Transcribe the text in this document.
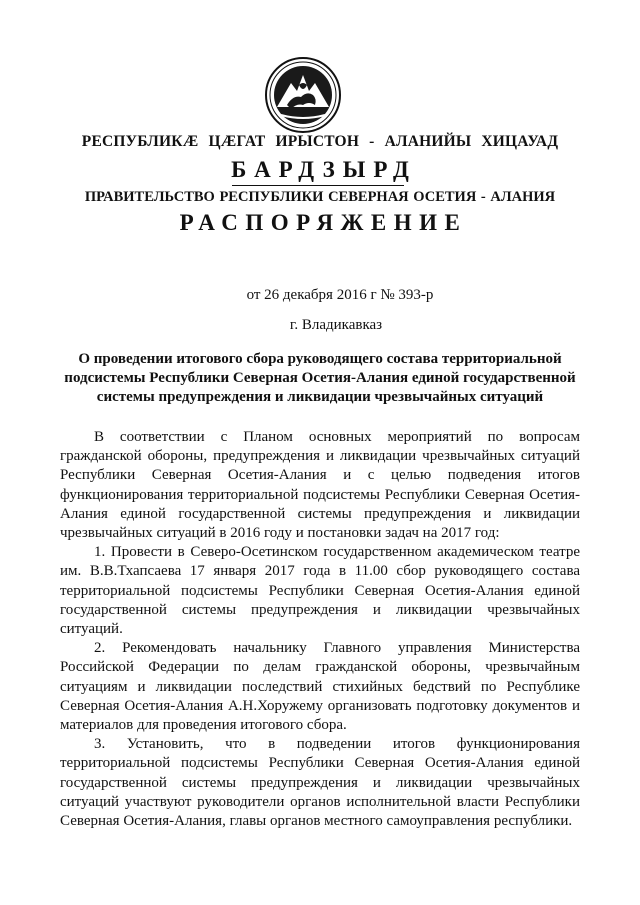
РЕСПУБЛИКÆ ЦÆГАТ ИРЫСТОН - АЛАНИЙЫ ХИЦАУАД
БАРДЗЫРД
ПРАВИТЕЛЬСТВО РЕСПУБЛИКИ СЕВЕРНАЯ ОСЕТИЯ - АЛАНИЯ
РАСПОРЯЖЕНИЕ
от 26 декабря 2016 г № 393-р
г. Владикавказ
О проведении итогового сбора руководящего состава территориальной подсистемы Республики Северная Осетия-Алания единой государственной системы предупреждения и ликвидации чрезвычайных ситуаций

В соответствии с Планом основных мероприятий по вопросам гражданской обороны, предупреждения и ликвидации чрезвычайных ситуаций Республики Северная Осетия-Алания и с целью подведения итогов функционирования территориальной подсистемы Республики Северная Осетия-Алания единой государственной системы предупреждения и ликвидации чрезвычайных ситуаций в 2016 году и постановки задач на 2017 год:

1. Провести в Северо-Осетинском государственном академическом театре им. В.В.Тхапсаева 17 января 2017 года в 11.00 сбор руководящего состава территориальной подсистемы Республики Северная Осетия-Алания единой государственной системы предупреждения и ликвидации чрезвычайных ситуаций.

2. Рекомендовать начальнику Главного управления Министерства Российской Федерации по делам гражданской обороны, чрезвычайным ситуациям и ликвидации последствий стихийных бедствий по Республике Северная Осетия-Алания А.Н.Хоружему организовать подготовку документов и материалов для проведения итогового сбора.

3. Установить, что в подведении итогов функционирования территориальной подсистемы Республики Северная Осетия-Алания единой государственной системы предупреждения и ликвидации чрезвычайных ситуаций участвуют руководители органов исполнительной власти Республики Северная Осетия-Алания, главы органов местного самоуправления республики.
